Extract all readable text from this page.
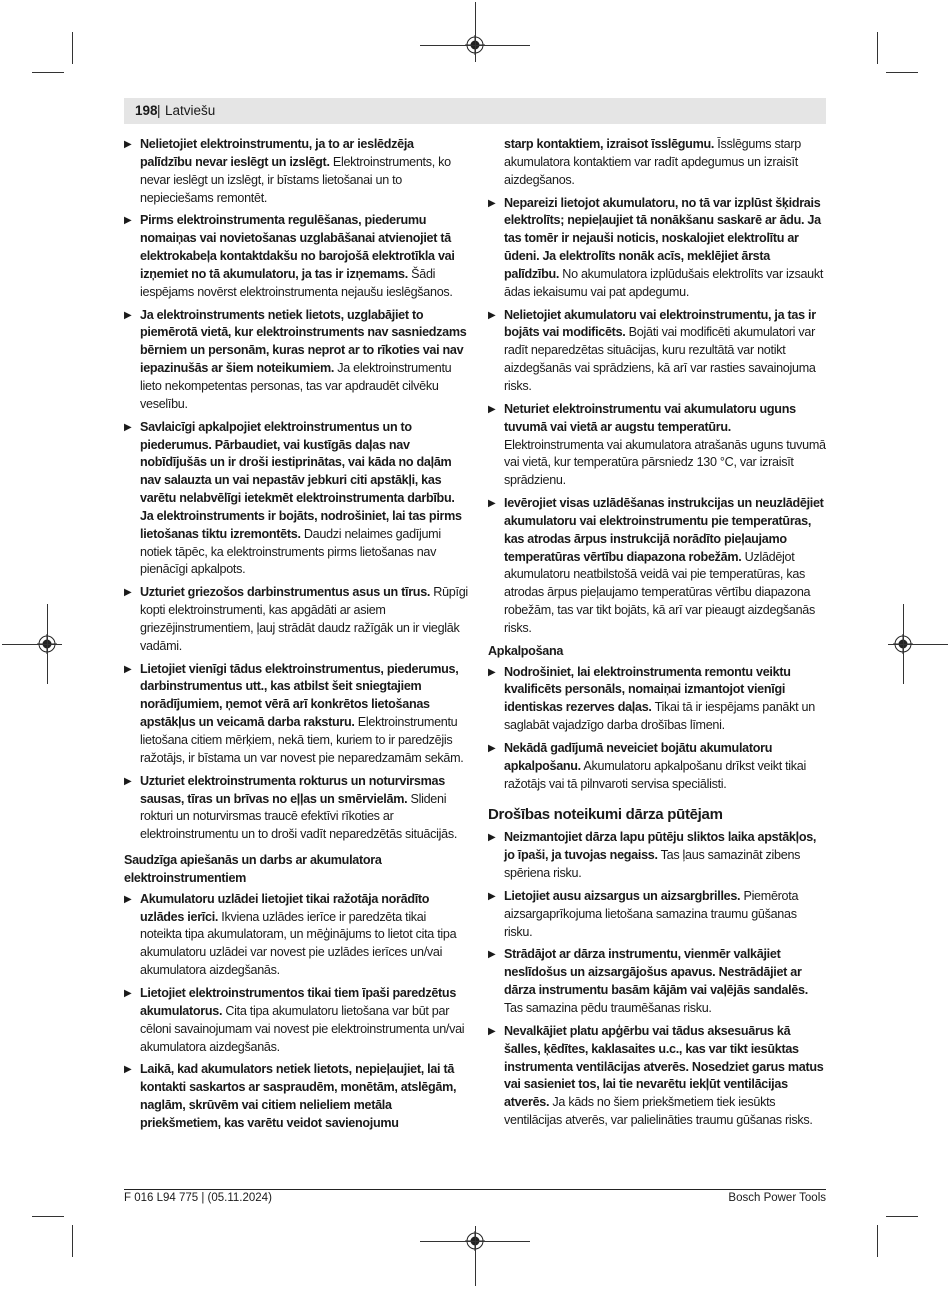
198 | Latviešu
▶ Nelietojiet elektroinstrumentu, ja to ar ieslēdzēja palīdzību nevar ieslēgt un izslēgt. Elektroinstruments, ko nevar ieslēgt un izslēgt, ir bīstams lietošanai un to nepieciešams remontēt.
▶ Pirms elektroinstrumenta regulēšanas, piederumu nomaiņas vai novietošanas uzglabāšanai atvienojiet tā elektrokabeļa kontaktdakšu no barojošā elektrotīkla vai izņemiet no tā akumulatoru, ja tas ir izņemams. Šādi iespējams novērst elektroinstrumenta nejaušu ieslēgšanos.
▶ Ja elektroinstruments netiek lietots, uzglabājiet to piemērotā vietā, kur elektroinstruments nav sasniedzams bērniem un personām, kuras neprot ar to rīkoties vai nav iepazinušās ar šiem noteikumiem. Ja elektroinstrumentu lieto nekompetentas personas, tas var apdraudēt cilvēku veselību.
▶ Savlaicīgi apkalpojiet elektroinstrumentus un to piederumus. Pārbaudiet, vai kustīgās daļas nav nobīdījušās un ir droši iestiprinātas, vai kāda no daļām nav salauzta un vai nepastāv jebkuri citi apstākļi, kas varētu nelabvēlīgi ietekmēt elektroinstrumenta darbību. Ja elektroinstruments ir bojāts, nodrošiniet, lai tas pirms lietošanas tiktu izremontēts. Daudzi nelaimes gadījumi notiek tāpēc, ka elektroinstruments pirms lietošanas nav pienācīgi apkalpots.
▶ Uzturiet griezošos darbinstrumentus asus un tīrus. Rūpīgi kopti elektroinstrumenti, kas apgādāti ar asiem griezējinstrumentiem, ļauj strādāt daudz ražīgāk un ir vieglāk vadāmi.
▶ Lietojiet vienīgi tādus elektroinstrumentus, piederumus, darbinstrumentus utt., kas atbilst šeit sniegtajiem norādījumiem, ņemot vērā arī konkrētos lietošanas apstākļus un veicamā darba raksturu. Elektroinstrumentu lietošana citiem mērķiem, nekā tiem, kuriem to ir paredzējis ražotājs, ir bīstama un var novest pie neparedzamām sekām.
▶ Uzturiet elektroinstrumenta rokturus un noturvirsmas sausas, tīras un brīvas no eļļas un smērvielām. Slideni rokturi un noturvirsmas traucē efektīvi rīkoties ar elektroinstrumentu un to droši vadīt neparedzētās situācijās.
Saudzīga apiešanās un darbs ar akumulatora elektroinstrumentiem
▶ Akumulatoru uzlādei lietojiet tikai ražotāja norādīto uzlādes ierīci. Ikviena uzlādes ierīce ir paredzēta tikai noteikta tipa akumulatoram, un mēģinājums to lietot cita tipa akumulatoru uzlādei var novest pie uzlādes ierīces un/vai akumulatora aizdegšanās.
▶ Lietojiet elektroinstrumentos tikai tiem īpaši paredzētus akumulatorus. Cita tipa akumulatoru lietošana var būt par cēloni savainojumam vai novest pie elektroinstrumenta un/vai akumulatora aizdegšanās.
▶ Laikā, kad akumulators netiek lietots, nepieļaujiet, lai tā kontakti saskartos ar saspraudēm, monētām, atslēgām, naglām, skrūvēm vai citiem nelieliem metāla priekšmetiem, kas varētu veidot savienojumu
starp kontaktiem, izraisot īsslēgumu. Īsslēgums starp akumulatora kontaktiem var radīt apdegumus un izraisīt aizdegšanos.
▶ Nepareizi lietojot akumulatoru, no tā var izplūst šķidrais elektrolīts; nepieļaujiet tā nonākšanu saskarē ar ādu. Ja tas tomēr ir nejauši noticis, noskalojiet elektrolītu ar ūdeni. Ja elektrolīts nonāk acīs, meklējiet ārsta palīdzību. No akumulatora izplūdušais elektrolīts var izsaukt ādas iekaisumu vai pat apdegumu.
▶ Nelietojiet akumulatoru vai elektroinstrumentu, ja tas ir bojāts vai modificēts. Bojāti vai modificēti akumulatori var radīt neparedzētas situācijas, kuru rezultātā var notikt aizdegšanās vai sprādziens, kā arī var rasties savainojuma risks.
▶ Neturiet elektroinstrumentu vai akumulatoru uguns tuvumā vai vietā ar augstu temperatūru. Elektroinstrumenta vai akumulatora atrašanās uguns tuvumā vai vietā, kur temperatūra pārsniedz 130 °C, var izraisīt sprādzienu.
▶ Ievērojiet visas uzlādēšanas instrukcijas un neuzlādējiet akumulatoru vai elektroinstrumentu pie temperatūras, kas atrodas ārpus instrukcijā norādīto pieļaujamo temperatūras vērtību diapazona robežām. Uzlādējot akumulatoru neatbilstošā veidā vai pie temperatūras, kas atrodas ārpus pieļaujamo temperatūras vērtību diapazona robežām, tas var tikt bojāts, kā arī var pieaugt aizdegšanās risks.
Apkalpošana
▶ Nodrošiniet, lai elektroinstrumenta remontu veiktu kvalificēts personāls, nomaiņai izmantojot vienīgi identiskas rezerves daļas. Tikai tā ir iespējams panākt un saglabāt vajadzīgo darba drošības līmeni.
▶ Nekādā gadījumā neveiciet bojātu akumulatoru apkalpošanu. Akumulatoru apkalpošanu drīkst veikt tikai ražotājs vai tā pilnvaroti servisa speciālisti.
Drošības noteikumi dārza pūtējam
▶ Neizmantojiet dārza lapu pūtēju sliktos laika apstākļos, jo īpaši, ja tuvojas negaiss. Tas ļaus samazināt zibens spēriena risku.
▶ Lietojiet ausu aizsargus un aizsargbrilles. Piemērota aizsargaprīkojuma lietošana samazina traumu gūšanas risku.
▶ Strādājot ar dārza instrumentu, vienmēr valkājiet neslīdošus un aizsargājošus apavus. Nestrādājiet ar dārza instrumentu basām kājām vai vaļējās sandalēs. Tas samazina pēdu traumēšanas risku.
▶ Nevalkājiet platu apģērbu vai tādus aksesuārus kā šalles, ķēdītes, kaklasaites u.c., kas var tikt iesūktas instrumenta ventilācijas atverēs. Nosedziet garus matus vai sasieniet tos, lai tie nevarētu iekļūt ventilācijas atverēs. Ja kāds no šiem priekšmetiem tiek iesūkts ventilācijas atverēs, var palielināties traumu gūšanas risks.
F 016 L94 775 | (05.11.2024)	Bosch Power Tools
